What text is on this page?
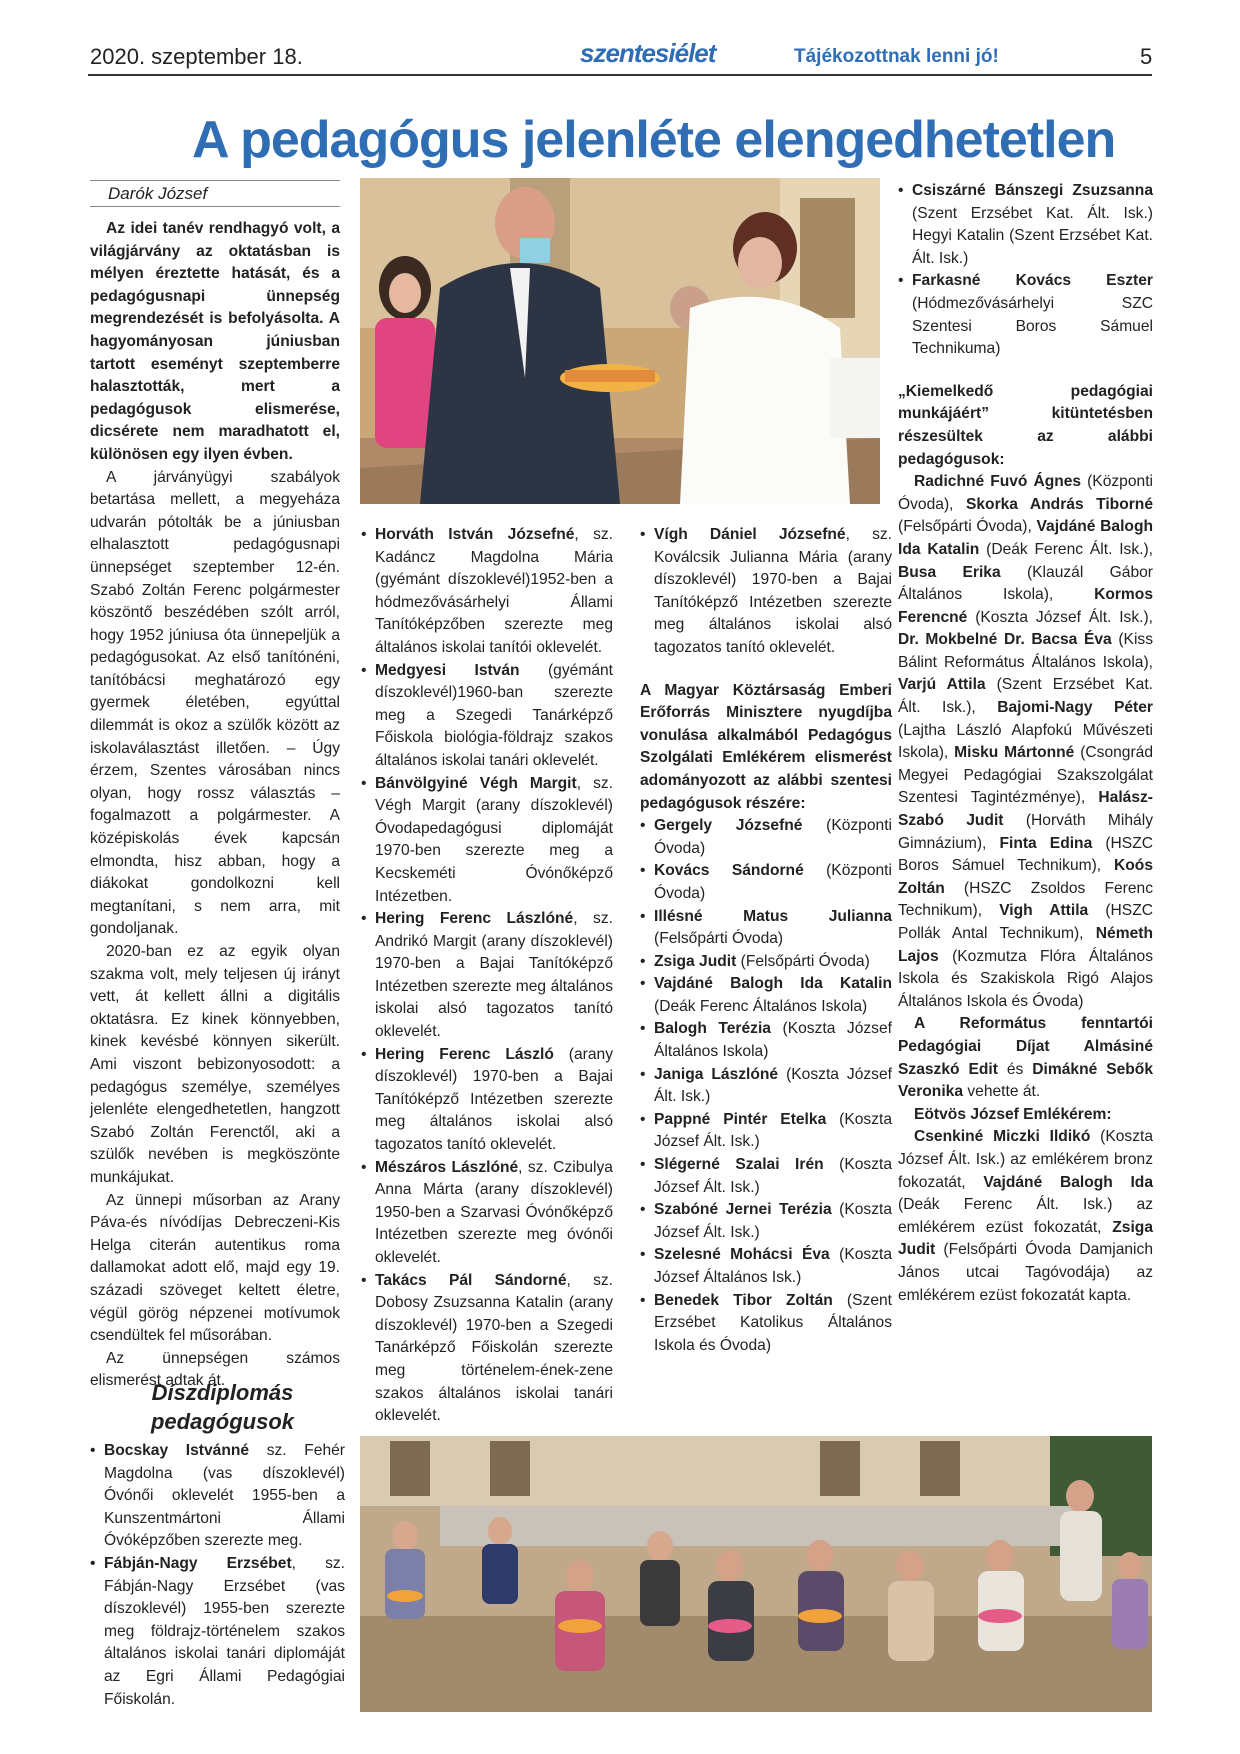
2020. szeptember 18.	szentesiélet	Tájékozottnak lenni jó!	5
A pedagógus jelenléte elengedhetetlen
Darók József

Az idei tanév rendhagyó volt, a világjárvány az oktatásban is mélyen éreztette hatását, és a pedagógusnapi ünnepség megrendezését is befolyásolta. A hagyományosan júniusban tartott eseményt szeptemberre halasztották, mert a pedagógusok elismerése, dicsérete nem maradhatott el, különösen egy ilyen évben.

A járványügyi szabályok betartása mellett, a megyeháza udvarán pótolták be a júniusban elhalasztott pedagógusnapi ünnepséget szeptember 12-én. Szabó Zoltán Ferenc polgármester köszöntő beszédében szólt arról, hogy 1952 júniusa óta ünnepeljük a pedagógusokat. Az első tanítónéni, tanítóbácsi meghatározó egy gyermek életében, egyúttal dilemmát is okoz a szülők között az iskolaválasztást illetően. – Úgy érzem, Szentes városában nincs olyan, hogy rossz választás –fogalmazott a polgármester. A középiskolás évek kapcsán elmondta, hisz abban, hogy a diákokat gondolkozni kell megtanítani, s nem arra, mit gondoljanak.

2020-ban ez az egyik olyan szakma volt, mely teljesen új irányt vett, át kellett állni a digitális oktatásra. Ez kinek könnyebben, kinek kevésbé könnyen sikerült. Ami viszont bebizonyosodott: a pedagógus személye, személyes jelenléte elengedhetetlen, hangzott Szabó Zoltán Ferenctől, aki a szülők nevében is megköszönte munkájukat.

Az ünnepi műsorban az Arany Páva-és nívódíjas Debreczeni-Kis Helga citerán autentikus roma dallamokat adott elő, majd egy 19. századi szöveget keltett életre, végül görög népzenei motívumok csendültek fel műsorában.

Az ünnepségen számos elismerést adtak át.

Díszdiplomás pedagógusok
• Bocskay Istvánné sz. Fehér Magdolna (vas díszoklevél) Óvónői oklevelét 1955-ben a Kunszentmártoni Állami Óvóképzőben szerezte meg.
• Fábján-Nagy Erzsébet, sz. Fábján-Nagy Erzsébet (vas díszoklevél) 1955-ben szerezte meg földrajz-történelem szakos általános iskolai tanári diplomáját az Egri Állami Pedagógiai Főiskolán.
• Horváth István Józsefné, sz. Kadáncz Magdolna Mária (gyémánt díszoklevél)1952-ben a hódmezővásárhelyi Állami Tanítóképzőben szerezte meg általános iskolai tanítói oklevelét.
• Medgyesi István (gyémánt díszoklevél)1960-ban szerezte meg a Szegedi Tanárképző Főiskola biológia-földrajz szakos általános iskolai tanári oklevelét.
• Bánvölgyiné Végh Margit, sz. Végh Margit (arany díszoklevél) Óvodapedagógusi diplomáját 1970-ben szerezte meg a Kecskeméti Óvónőképző Intézetben.
• Hering Ferenc Lászlóné, sz. Andrikó Margit (arany díszoklevél) 1970-ben a Bajai Tanítóképző Intézetben szerezte meg általános iskolai alsó tagozatos tanító oklevelét.
• Hering Ferenc László (arany díszoklevél) 1970-ben a Bajai Tanítóképző Intézetben szerezte meg általános iskolai alsó tagozatos tanító oklevelét.
• Mészáros Lászlóné, sz. Czibulya Anna Márta (arany díszoklevél) 1950-ben a Szarvasi Óvónőképző Intézetben szerezte meg óvónői oklevelét.
• Takács Pál Sándorné, sz. Dobosy Zsuzsanna Katalin (arany díszoklevél) 1970-ben a Szegedi Tanárképző Főiskolán szerezte meg történelem-ének-zene szakos általános iskolai tanári oklevelét.

• Vígh Dániel Józsefné, sz. Koválcsik Julianna Mária (arany díszoklevél) 1970-ben a Bajai Tanítóképző Intézetben szerezte meg általános iskolai alsó tagozatos tanító oklevelét.

A Magyar Köztársaság Emberi Erőforrás Minisztere nyugdíjba vonulása alkalmából Pedagógus Szolgálati Emlékérem elismerést adományozott az alábbi szentesi pedagógusok részére:

• Gergely Józsefné (Központi Óvoda)
• Kovács Sándorné (Központi Óvoda)
• Illésné Matus Julianna (Felsőpárti Óvoda)
• Zsiga Judit (Felsőpárti Óvoda)
• Vajdáné Balogh Ida Katalin (Deák Ferenc Általános Iskola)
• Balogh Terézia (Koszta József Általános Iskola)
• Janiga Lászlóné (Koszta József Ált. Isk.)
• Pappné Pintér Etelka (Koszta József Ált. Isk.)
• Slégerné Szalai Irén (Koszta József Ált. Isk.)
• Szabóné Jernei Terézia (Koszta József Ált. Isk.)
• Szelesné Mohácsi Éva (Koszta József Általános Isk.)
• Benedek Tibor Zoltán (Szent Erzsébet Katolikus Általános Iskola és Óvoda)
• Csiszárné Bánszegi Zsuzsanna (Szent Erzsébet Kat. Ált. Isk.) Hegyi Katalin (Szent Erzsébet Kat. Ált. Isk.)
• Farkasné Kovács Eszter (Hódmezővásárhelyi SZC Szentesi Boros Sámuel Technikuma)

„Kiemelkedő pedagógiai munkájáért” kitüntetésben részesültek az alábbi pedagógusok:

Radichné Fuvó Ágnes (Központi Óvoda), Skorka András Tiborné (Felsőpárti Óvoda), Vajdáné Balogh Ida Katalin (Deák Ferenc Ált. Isk.), Busa Erika (Klauzál Gábor Általános Iskola), Kormos Ferencné (Koszta József Ált. Isk.), Dr. Mokbelné Dr. Bacsa Éva (Kiss Bálint Református Általános Iskola), Varjú Attila (Szent Erzsébet Kat. Ált. Isk.), Bajomi-Nagy Péter (Lajtha László Alapfokú Művészeti Iskola), Misku Mártonné (Csongrád Megyei Pedagógiai Szakszolgálat Szentesi Tagintézménye), Halász-Szabó Judit (Horváth Mihály Gimnázium), Finta Edina (HSZC Boros Sámuel Technikum), Koós Zoltán (HSZC Zsoldos Ferenc Technikum), Vigh Attila (HSZC Pollák Antal Technikum), Németh Lajos (Kozmutza Flóra Általános Iskola és Szakiskola Rigó Alajos Általános Iskola és Óvoda)

A Református fenntartói Pedagógiai Díjat Almásiné Szaszkó Edit és Dimákné Sebők Veronika vehette át.

Eötvös József Emlékérem:

Csenkiné Miczki Ildikó (Koszta József Ált. Isk.) az emlékérem bronz fokozatát, Vajdáné Balogh Ida (Deák Ferenc Ált. Isk.) az emlékérem ezüst fokozatát, Zsiga Judit (Felsőpárti Óvoda Damjanich János utcai Tagóvodája) az emlékérem ezüst fokozatát kapta.
